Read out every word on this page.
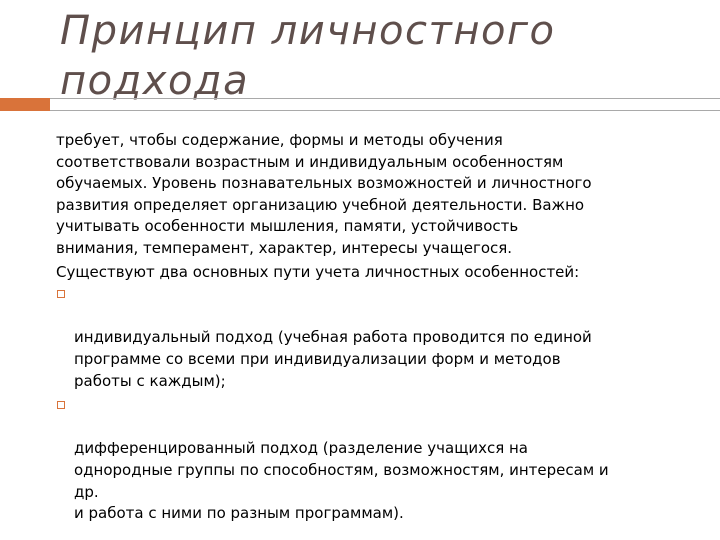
Принцип личностного подхода

требует, чтобы содержание, формы и методы обучения
соответствовали возрастным и индивидуальным особенностям
обучаемых. Уровень познавательных возможностей и личностного
развития определяет организацию учебной деятельности. Важно
учитывать особенности мышления, памяти, устойчивость
внимания, темперамент, характер, интересы учащегося.

Существуют два основных пути учета личностных особенностей:

индивидуальный подход (учебная работа проводится по единой
программе со всеми при индивидуализации форм и методов
работы с каждым);

дифференцированный подход (разделение учащихся на
однородные группы по способностям, возможностям, интересам и
др.
и работа с ними по разным программам).
